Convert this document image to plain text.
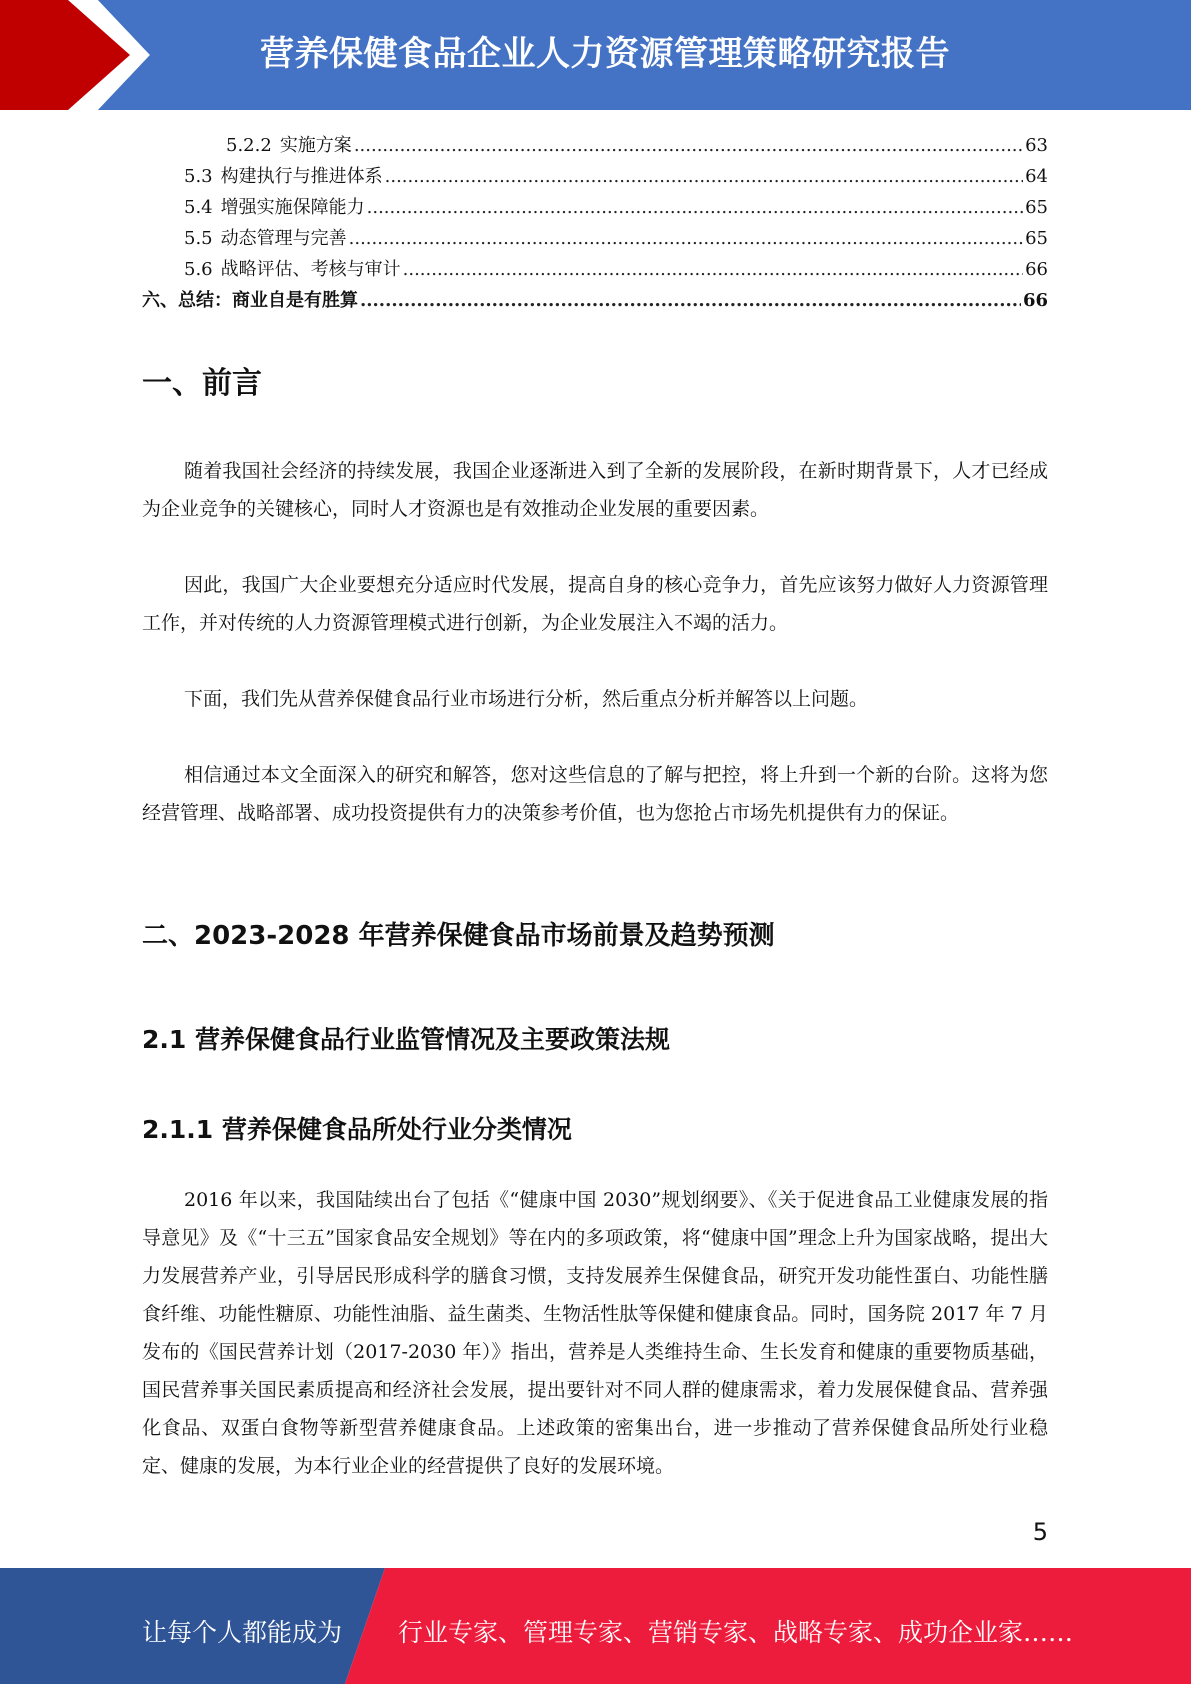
营养保健食品企业人力资源管理策略研究报告
5.2.2 实施方案 .....	63
5.3 构建执行与推进体系 .....	64
5.4 增强实施保障能力 .....	65
5.5 动态管理与完善 .....	65
5.6 战略评估、考核与审计 .....	66
六、总结：商业自是有胜算 .....	66
一、前言

随着我国社会经济的持续发展，我国企业逐渐进入到了全新的发展阶段，在新时期背景下，人才已经成为企业竞争的关键核心，同时人才资源也是有效推动企业发展的重要因素。

因此，我国广大企业要想充分适应时代发展，提高自身的核心竞争力，首先应该努力做好人力资源管理工作，并对传统的人力资源管理模式进行创新，为企业发展注入不竭的活力。

下面，我们先从营养保健食品行业市场进行分析，然后重点分析并解答以上问题。

相信通过本文全面深入的研究和解答，您对这些信息的了解与把控，将上升到一个新的台阶。这将为您经营管理、战略部署、成功投资提供有力的决策参考价值，也为您抢占市场先机提供有力的保证。

二、2023-2028 年营养保健食品市场前景及趋势预测
2.1 营养保健食品行业监管情况及主要政策法规
2.1.1 营养保健食品所处行业分类情况

2016 年以来，我国陆续出台了包括《“健康中国 2030”规划纲要》、《关于促进食品工业健康发展的指导意见》及《“十三五”国家食品安全规划》等在内的多项政策，将“健康中国”理念上升为国家战略，提出大力发展营养产业，引导居民形成科学的膳食习惯，支持发展养生保健食品，研究开发功能性蛋白、功能性膳食纤维、功能性糖原、功能性油脂、益生菌类、生物活性肽等保健和健康食品。同时，国务院 2017 年 7 月发布的《国民营养计划（2017-2030 年）》指出，营养是人类维持生命、生长发育和健康的重要物质基础，国民营养事关国民素质提高和经济社会发展，提出要针对不同人群的健康需求，着力发展保健食品、营养强化食品、双蛋白食物等新型营养健康食品。上述政策的密集出台，进一步推动了营养保健食品所处行业稳定、健康的发展，为本行业企业的经营提供了良好的发展环境。

5
让每个人都能成为 行业专家、管理专家、营销专家、战略专家、成功企业家……
